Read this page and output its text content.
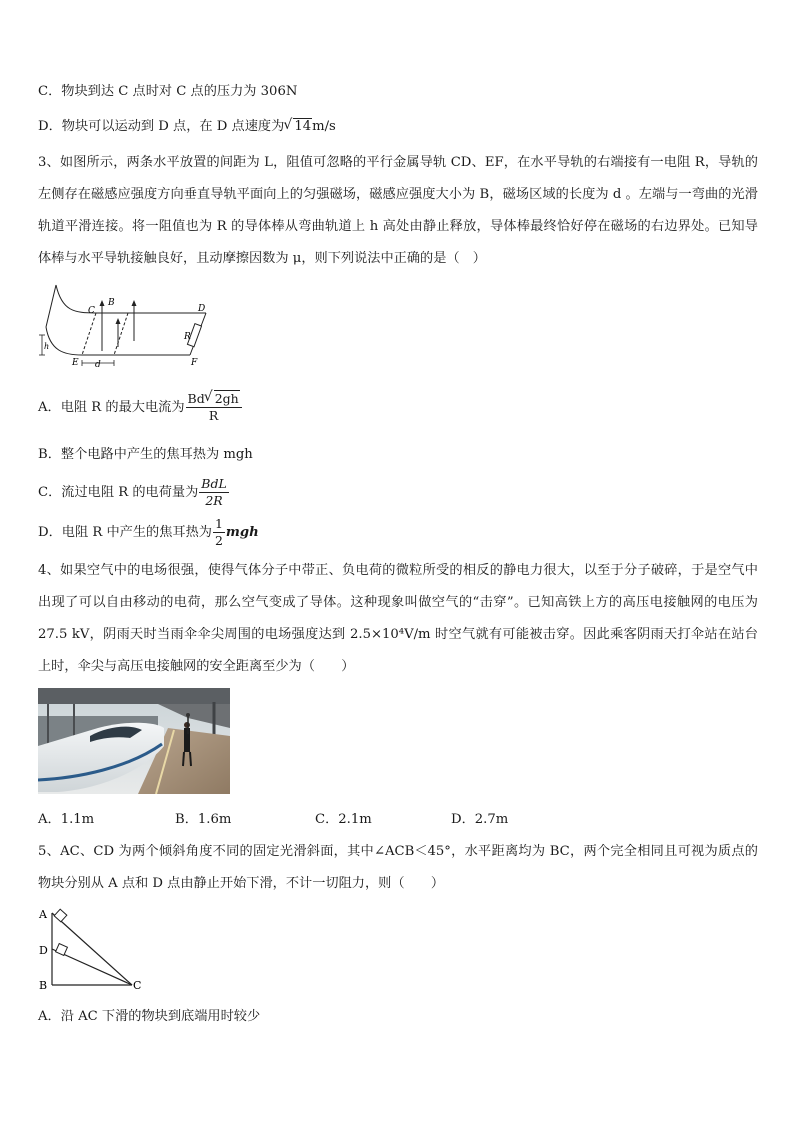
C．物块到达 C 点时对 C 点的压力为 306N
D．物块可以运动到 D 点，在 D 点速度为 √ 14m/s
3、如图所示，两条水平放置的间距为 L，阻值可忽略的平行金属导轨 CD、EF，在水平导轨的右端接有一电阻 R，导轨的左侧存在磁感应强度方向垂直导轨平面向上的匀强磁场，磁感应强度大小为 B，磁场区域的长度为 d 。左端与一弯曲的光滑轨道平滑连接。将一阻值也为 R 的导体棒从弯曲轨道上 h 高处由静止释放，导体棒最终恰好停在磁场的右边界处。已知导体棒与水平导轨接触良好，且动摩擦因数为 μ，则下列说法中正确的是（　）
C
B
D
R
h
E d	F
A．电阻 R 的最大电流为 $\frac{Bd √ 2gh}{R}$
B．整个电路中产生的焦耳热为 mgh
C．流过电阻 R 的电荷量为 $\frac{\text{BdL}}{2R}$
D．电阻 R 中产生的焦耳热为 $\frac{1}{2}$ mgh
4、如果空气中的电场很强，使得气体分子中带正、负电荷的微粒所受的相反的静电力很大，以至于分子破碎，于是空气中出现了可以自由移动的电荷，那么空气变成了导体。这种现象叫做空气的“击穿”。已知高铁上方的高压电接触网的电压为 27.5 kV，阴雨天时当雨伞伞尖周围的电场强度达到 2.5×10⁴V/m 时空气就有可能被击穿。因此乘客阴雨天打伞站在站台上时，伞尖与高压电接触网的安全距离至少为（　　）
A．1.1m	B．1.6m	C．2.1m	D．2.7m
5、AC、CD 为两个倾斜角度不同的固定光滑斜面，其中∠ACB＜45°，水平距离均为 BC，两个完全相同且可视为质点的物块分别从 A 点和 D 点由静止开始下滑，不计一切阻力，则（　　）
A
D
B	C
A．沿 AC 下滑的物块到底端用时较少
